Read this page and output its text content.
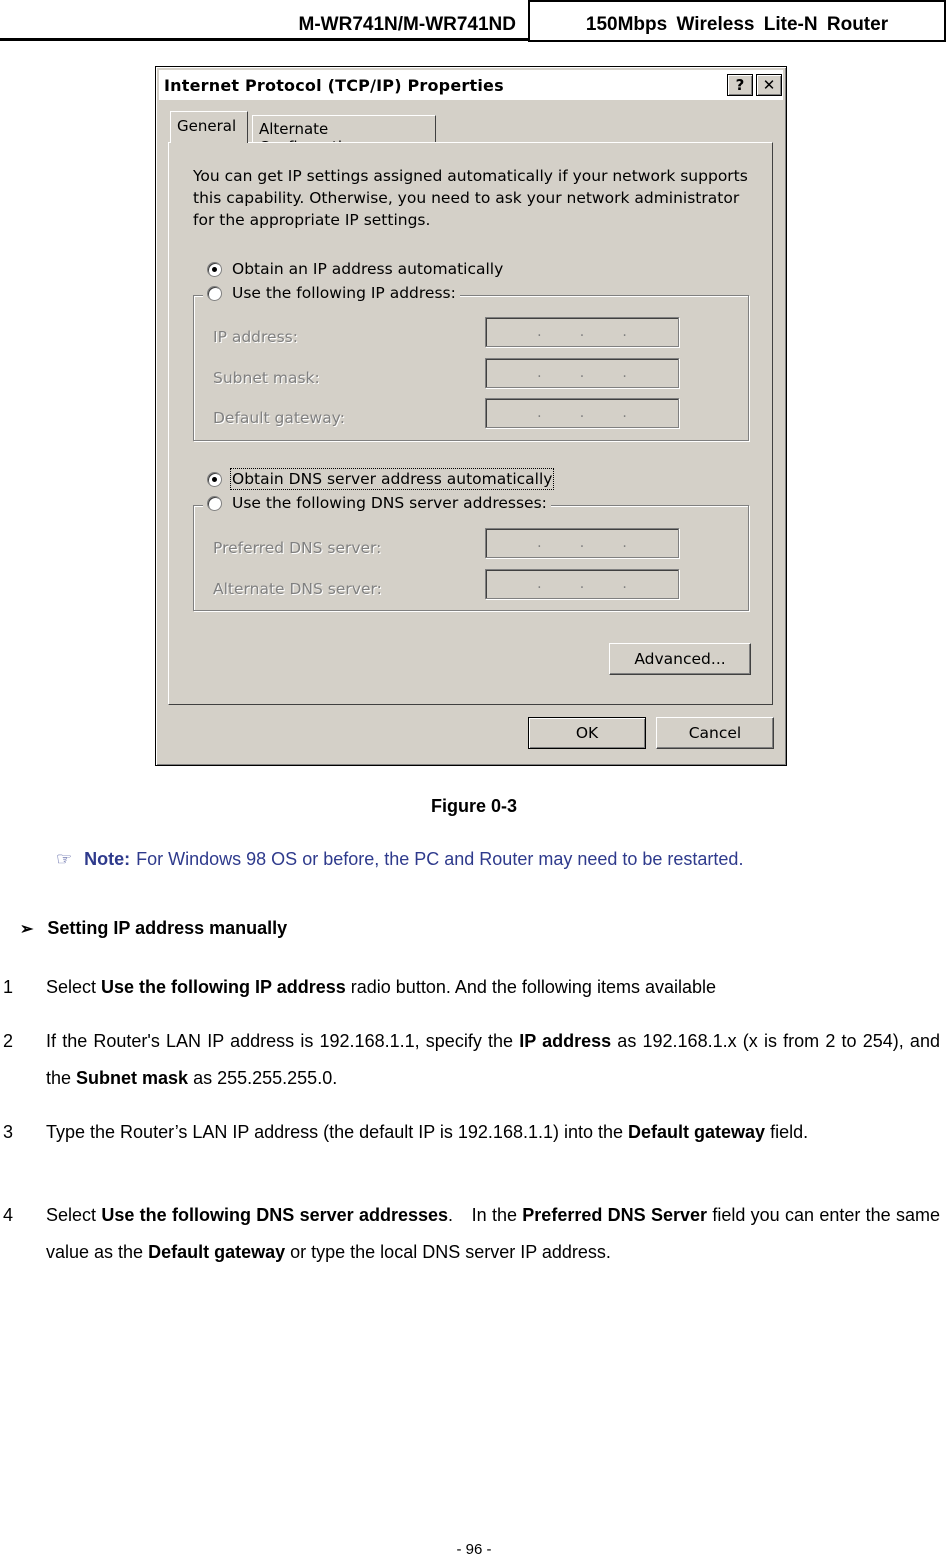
M-WR741N/M-WR741ND	150Mbps Wireless Lite-N Router
Internet Protocol (TCP/IP) Properties	?	✕
General	Alternate
You can get IP settings assigned automatically if your network supports this capability. Otherwise, you need to ask your network administrator for the appropriate IP settings.
Obtain an IP address automatically
Use the following IP address:
IP address:	.	.	.
Subnet mask:	.	.	.
Default gateway:	.	.	.
Obtain DNS server address automatically
Use the following DNS server addresses:
Preferred DNS server:	.	.	.
Alternate DNS server:	.	.	.
Advanced...
OK	Cancel
Figure 0-3
☞ Note: For Windows 98 OS or before, the PC and Router may need to be restarted.
➢ Setting IP address manually
1 Select Use the following IP address radio button. And the following items available
2 If the Router's LAN IP address is 192.168.1.1, specify the IP address as 192.168.1.x (x is from 2 to 254), and the Subnet mask as 255.255.255.0.
3 Type the Router’s LAN IP address (the default IP is 192.168.1.1) into the Default gateway field.
4 Select Use the following DNS server addresses.　In the Preferred DNS Server field you can enter the same value as the Default gateway or type the local DNS server IP address.
- 96 -
